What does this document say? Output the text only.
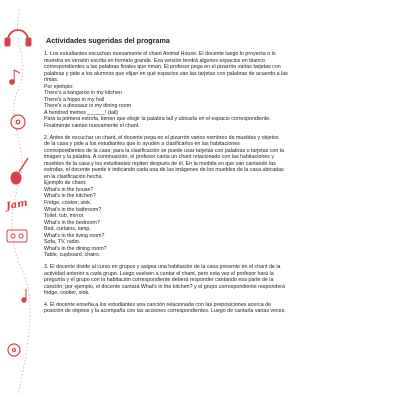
Jam
Actividades sugeridas del programa
1. Los estudiantes escuchan nuevamente el chant Animal House. El docente luego lo proyecta o lo
muestra en versión escrita en formato grande. Esa versión tendrá algunos espacios en blanco
correspondientes a las palabras finales que riman. El profesor pega en el pizarrón varias tarjetas con
palabras y pide a los alumnos que elijan en qué espacios van las tarjetas con palabras de acuerdo a las
rimas.
Por ejemplo:
There's a kangaroo in my kitchen
There's a hippo in my hall
There's a dinosaur in my dining room
A hundred metres ______! (tall)
Para la primera estrofa, tienen que elegir la palabra tall y ubicarla en el espacio correspondiente.
Finalmente cantan nuevamente el chant.
2. Antes de escuchar un chant, el docente pega en el pizarrón varios nombres de muebles y objetos
de la casa y pide a los estudiantes que lo ayuden a clasificarlos en las habitaciones
correspondientes de la casa; para la clasificación se puede usar tarjetas con palabras o tarjetas con la
imagen y la palabra. A continuación, el profesor canta un chant relacionado con las habitaciones y
muebles de la casa y los estudiantes repiten después de él. En la medida en que van cantando las
estrofas, el docente puede ir indicando cada una de las imágenes de los muebles de la casa ubicadas
en la clasificación hecha.
Ejemplo de chant:
What's in the house?
What's in the kitchen?
Fridge, cooker, sink.
What's in the bathroom?
Toilet, tub, mirror.
What's in the bedroom?
Bed, curtains, lamp.
What's in the living room?
Sofa, TV, radio.
What's in the dining room?
Table, cupboard, chairs.
3. El docente divide al curso en grupos y asigna una habitación de la casa presente en el chant de la
actividad anterior a cada grupo. Luego vuelven a cantar el chant, pero esta vez el profesor hará la
pregunta y el grupo con la habitación correspondiente deberá responder cantando esa parte de la
canción; por ejemplo, el docente cantará What's in the kitchen? y el grupo correspondiente responderá
fridge, cooker, sink.
4. El docente enseña a los estudiantes una canción relacionada con las preposiciones acerca de
posición de objetos y la acompaña con las acciones correspondientes. Luego de cantarla varias veces,
